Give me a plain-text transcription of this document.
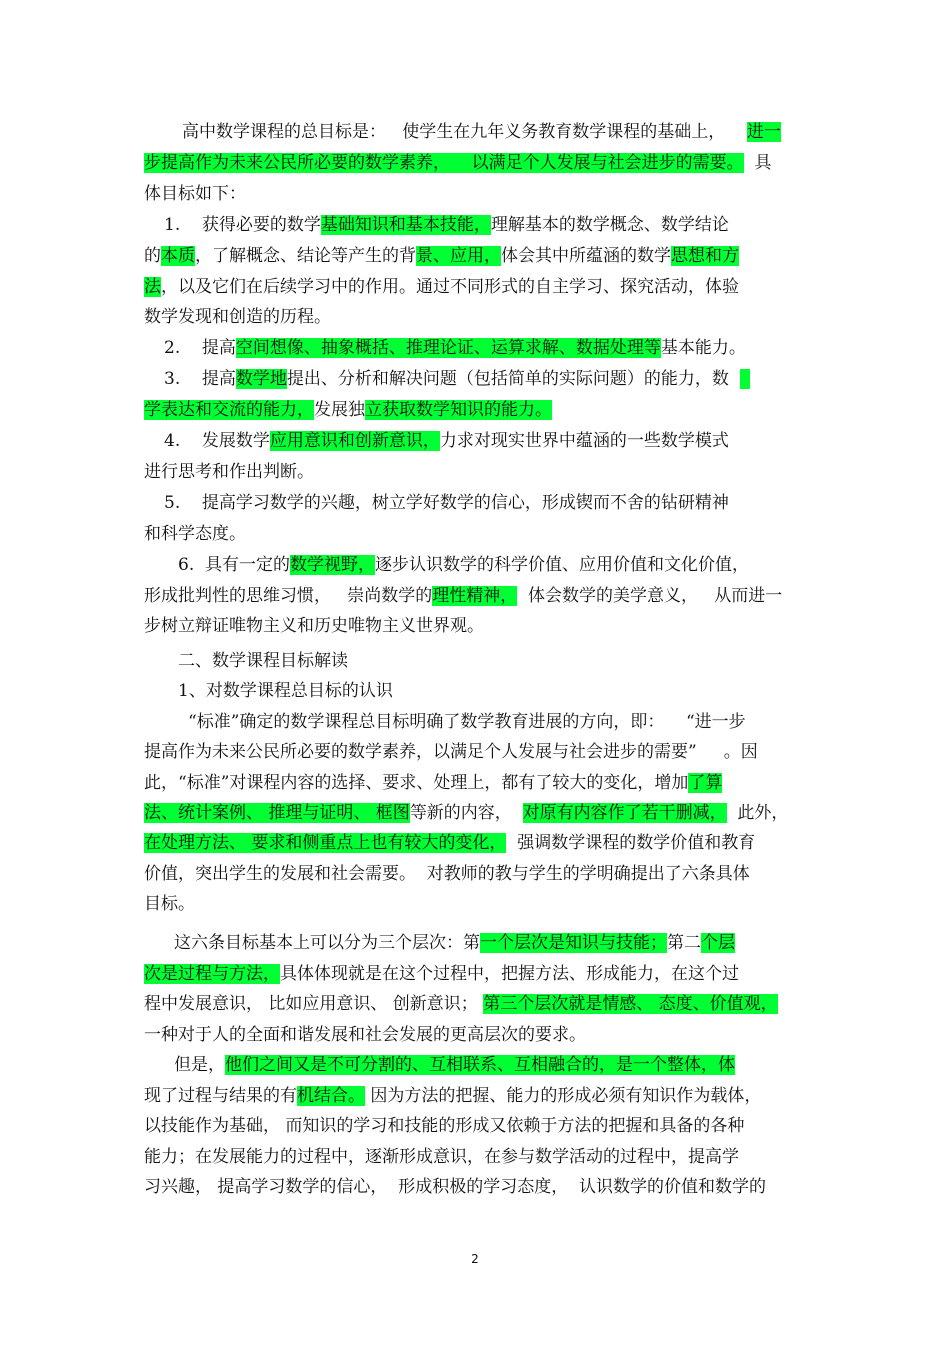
高中数学课程的总目标是：   使学生在九年义务教育数学课程的基础上，    进一
步提高作为未来公民所必要的数学素养，    以满足个人发展与社会进步的需要。  具
体目标如下：
1.    获得必要的数学基础知识和基本技能，理解基本的数学概念、数学结论
的本质，了解概念、结论等产生的背景、应用，体会其中所蕴涵的数学思想和方
法，以及它们在后续学习中的作用。通过不同形式的自主学习、探究活动，体验
数学发现和创造的历程。
2.    提高空间想像、抽象概括、推理论证、运算求解、数据处理等基本能力。
3.    提高数学地提出、分析和解决问题（包括简单的实际问题）的能力，数
学表达和交流的能力，发展独立获取数学知识的能力。
4.    发展数学应用意识和创新意识，力求对现实世界中蕴涵的一些数学模式
进行思考和作出判断。
5.    提高学习数学的兴趣，树立学好数学的信心，形成锲而不舍的钻研精神
和科学态度。
6.  具有一定的数学视野，逐步认识数学的科学价值、应用价值和文化价值，
形成批判性的思维习惯，   崇尚数学的理性精神，  体会数学的美学意义，   从而进一
步树立辩证唯物主义和历史唯物主义世界观。
二、数学课程目标解读
1、对数学课程总目标的认识
“标准”确定的数学课程总目标明确了数学教育进展的方向，即：    “进一步
提高作为未来公民所必要的数学素养，以满足个人发展与社会进步的需要”     。因
此，“标准”对课程内容的选择、要求、处理上，都有了较大的变化，增加了算
法、统计案例、 推理与证明、 框图等新的内容，  对原有内容作了若干删减，  此外，
在处理方法、 要求和侧重点上也有较大的变化，  强调数学课程的数学价值和教育
价值，突出学生的发展和社会需要。  对教师的教与学生的学明确提出了六条具体
目标。
这六条目标基本上可以分为三个层次：第一个层次是知识与技能；第二个层
次是过程与方法，具体体现就是在这个过程中，把握方法、形成能力，在这个过
程中发展意识， 比如应用意识、 创新意识； 第三个层次就是情感、 态度、价值观，
一种对于人的全面和谐发展和社会发展的更高层次的要求。
但是，他们之间又是不可分割的、互相联系、互相融合的，是一个整体，体
现了过程与结果的有机结合。 因为方法的把握、能力的形成必须有知识作为载体，
以技能作为基础， 而知识的学习和技能的形成又依赖于方法的把握和具备的各种
能力；在发展能力的过程中，逐渐形成意识，在参与数学活动的过程中，提高学
习兴趣， 提高学习数学的信心，  形成积极的学习态度，  认识数学的价值和数学的
2
